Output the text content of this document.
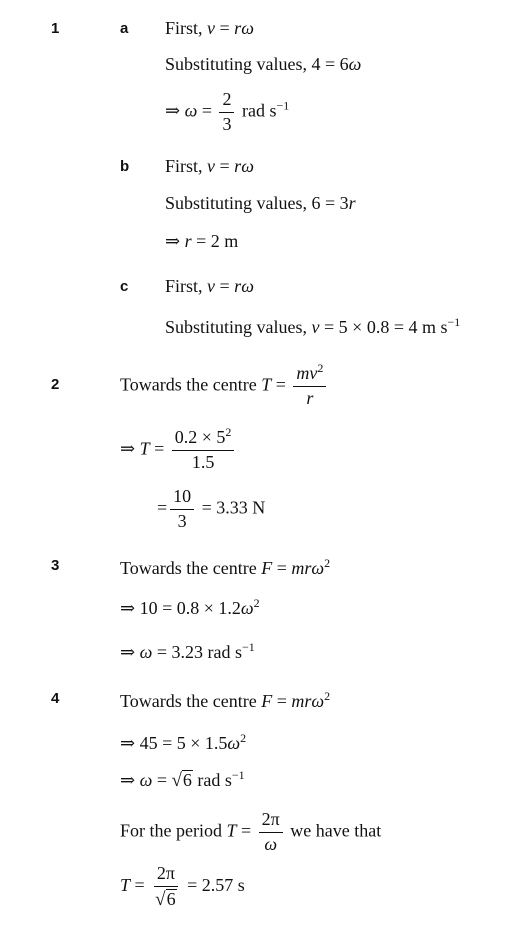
1	a First, v = rω
Substituting values, 4 = 6ω
⇒ $\omega = \frac{2}{3}$ rad $s^{-1}$
b First, v = rω
Substituting values, 6 = 3r
⇒ r = 2 m
c First, v = rω
Substituting values, v = 5 × 0.8 = 4 m $s^{-1}$
2	Towards the centre $T = \frac{mv^2}{r}$
⇒ $T = \frac{0.2 \times 5^2}{1.5}$
= $\frac{10}{3} = 3.33$ N
3	Towards the centre F = mrω$^2$
⇒ $10 = 0.8 \times 1.2\omega^2$
⇒ ω = 3.23 rad $s^{-1}$
4	Towards the centre F = mrω$^2$
⇒ $45 = 5 \times 1.5\omega^2$
⇒ ω = √ 6 rad $s^{-1}$
For the period $T = \frac{2\pi}{\omega}$ we have that
$T = \frac{2\pi}{√ 6} = 2.57$ s
